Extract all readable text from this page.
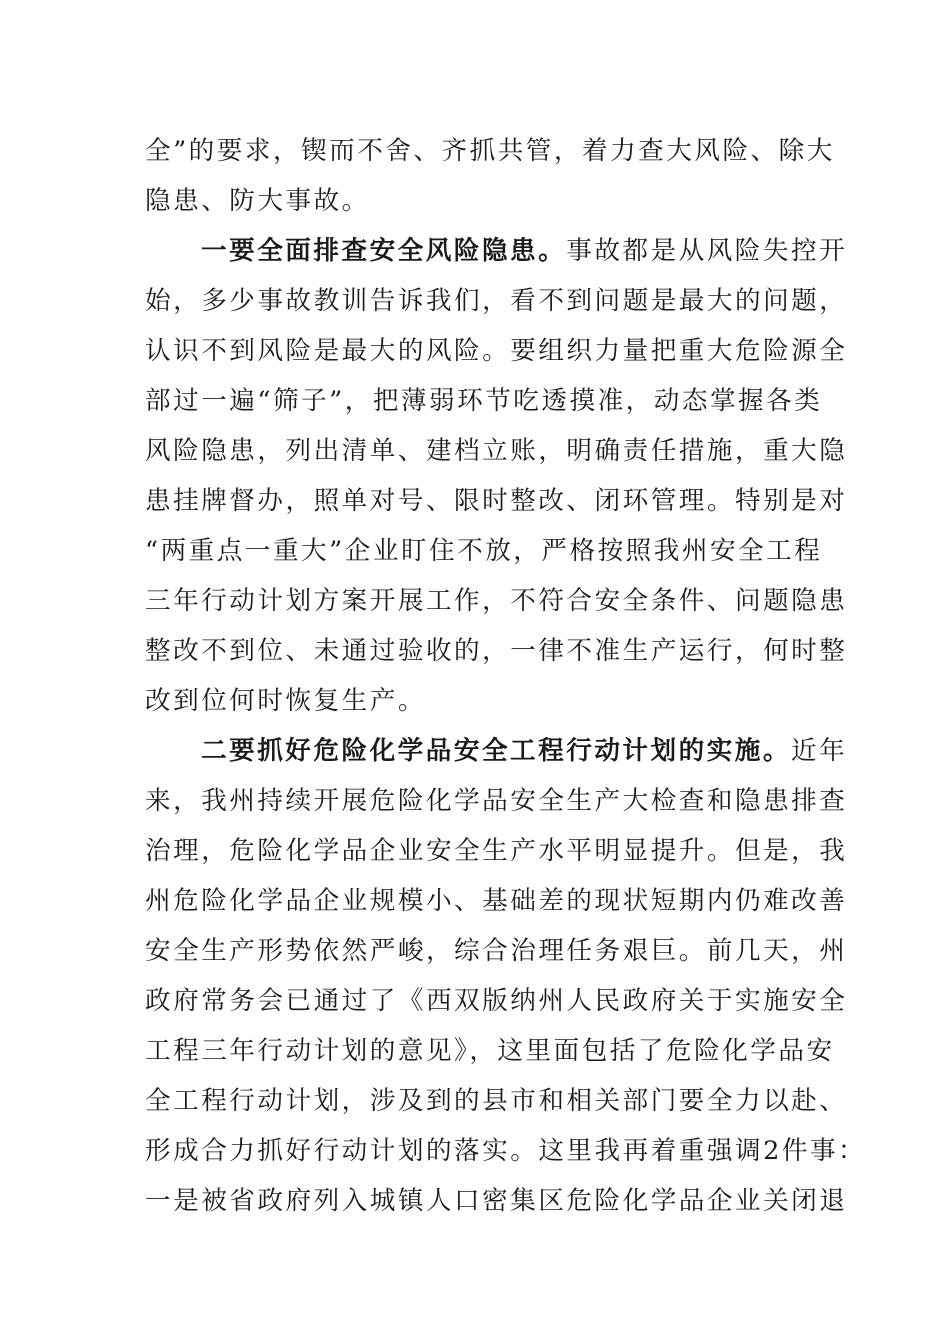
全”的要求，锲而不舍、齐抓共管，着力查大风险、除大
隐患、防大事故。
一要全面排查安全风险隐患。事故都是从风险失控开
始，多少事故教训告诉我们，看不到问题是最大的问题，
认识不到风险是最大的风险。要组织力量把重大危险源全
部过一遍“筛子”，把薄弱环节吃透摸准，动态掌握各类
风险隐患，列出清单、建档立账，明确责任措施，重大隐
患挂牌督办，照单对号、限时整改、闭环管理。特别是对
“两重点一重大”企业盯住不放，严格按照我州安全工程
三年行动计划方案开展工作，不符合安全条件、问题隐患
整改不到位、未通过验收的，一律不准生产运行，何时整
改到位何时恢复生产。
二要抓好危险化学品安全工程行动计划的实施。近年
来，我州持续开展危险化学品安全生产大检查和隐患排查
治理，危险化学品企业安全生产水平明显提升。但是，我
州危险化学品企业规模小、基础差的现状短期内仍难改善
安全生产形势依然严峻，综合治理任务艰巨。前几天，州
政府常务会已通过了《西双版纳州人民政府关于实施安全
工程三年行动计划的意见》，这里面包括了危险化学品安
全工程行动计划，涉及到的县市和相关部门要全力以赴、
形成合力抓好行动计划的落实。这里我再着重强调2件事：
一是被省政府列入城镇人口密集区危险化学品企业关闭退
